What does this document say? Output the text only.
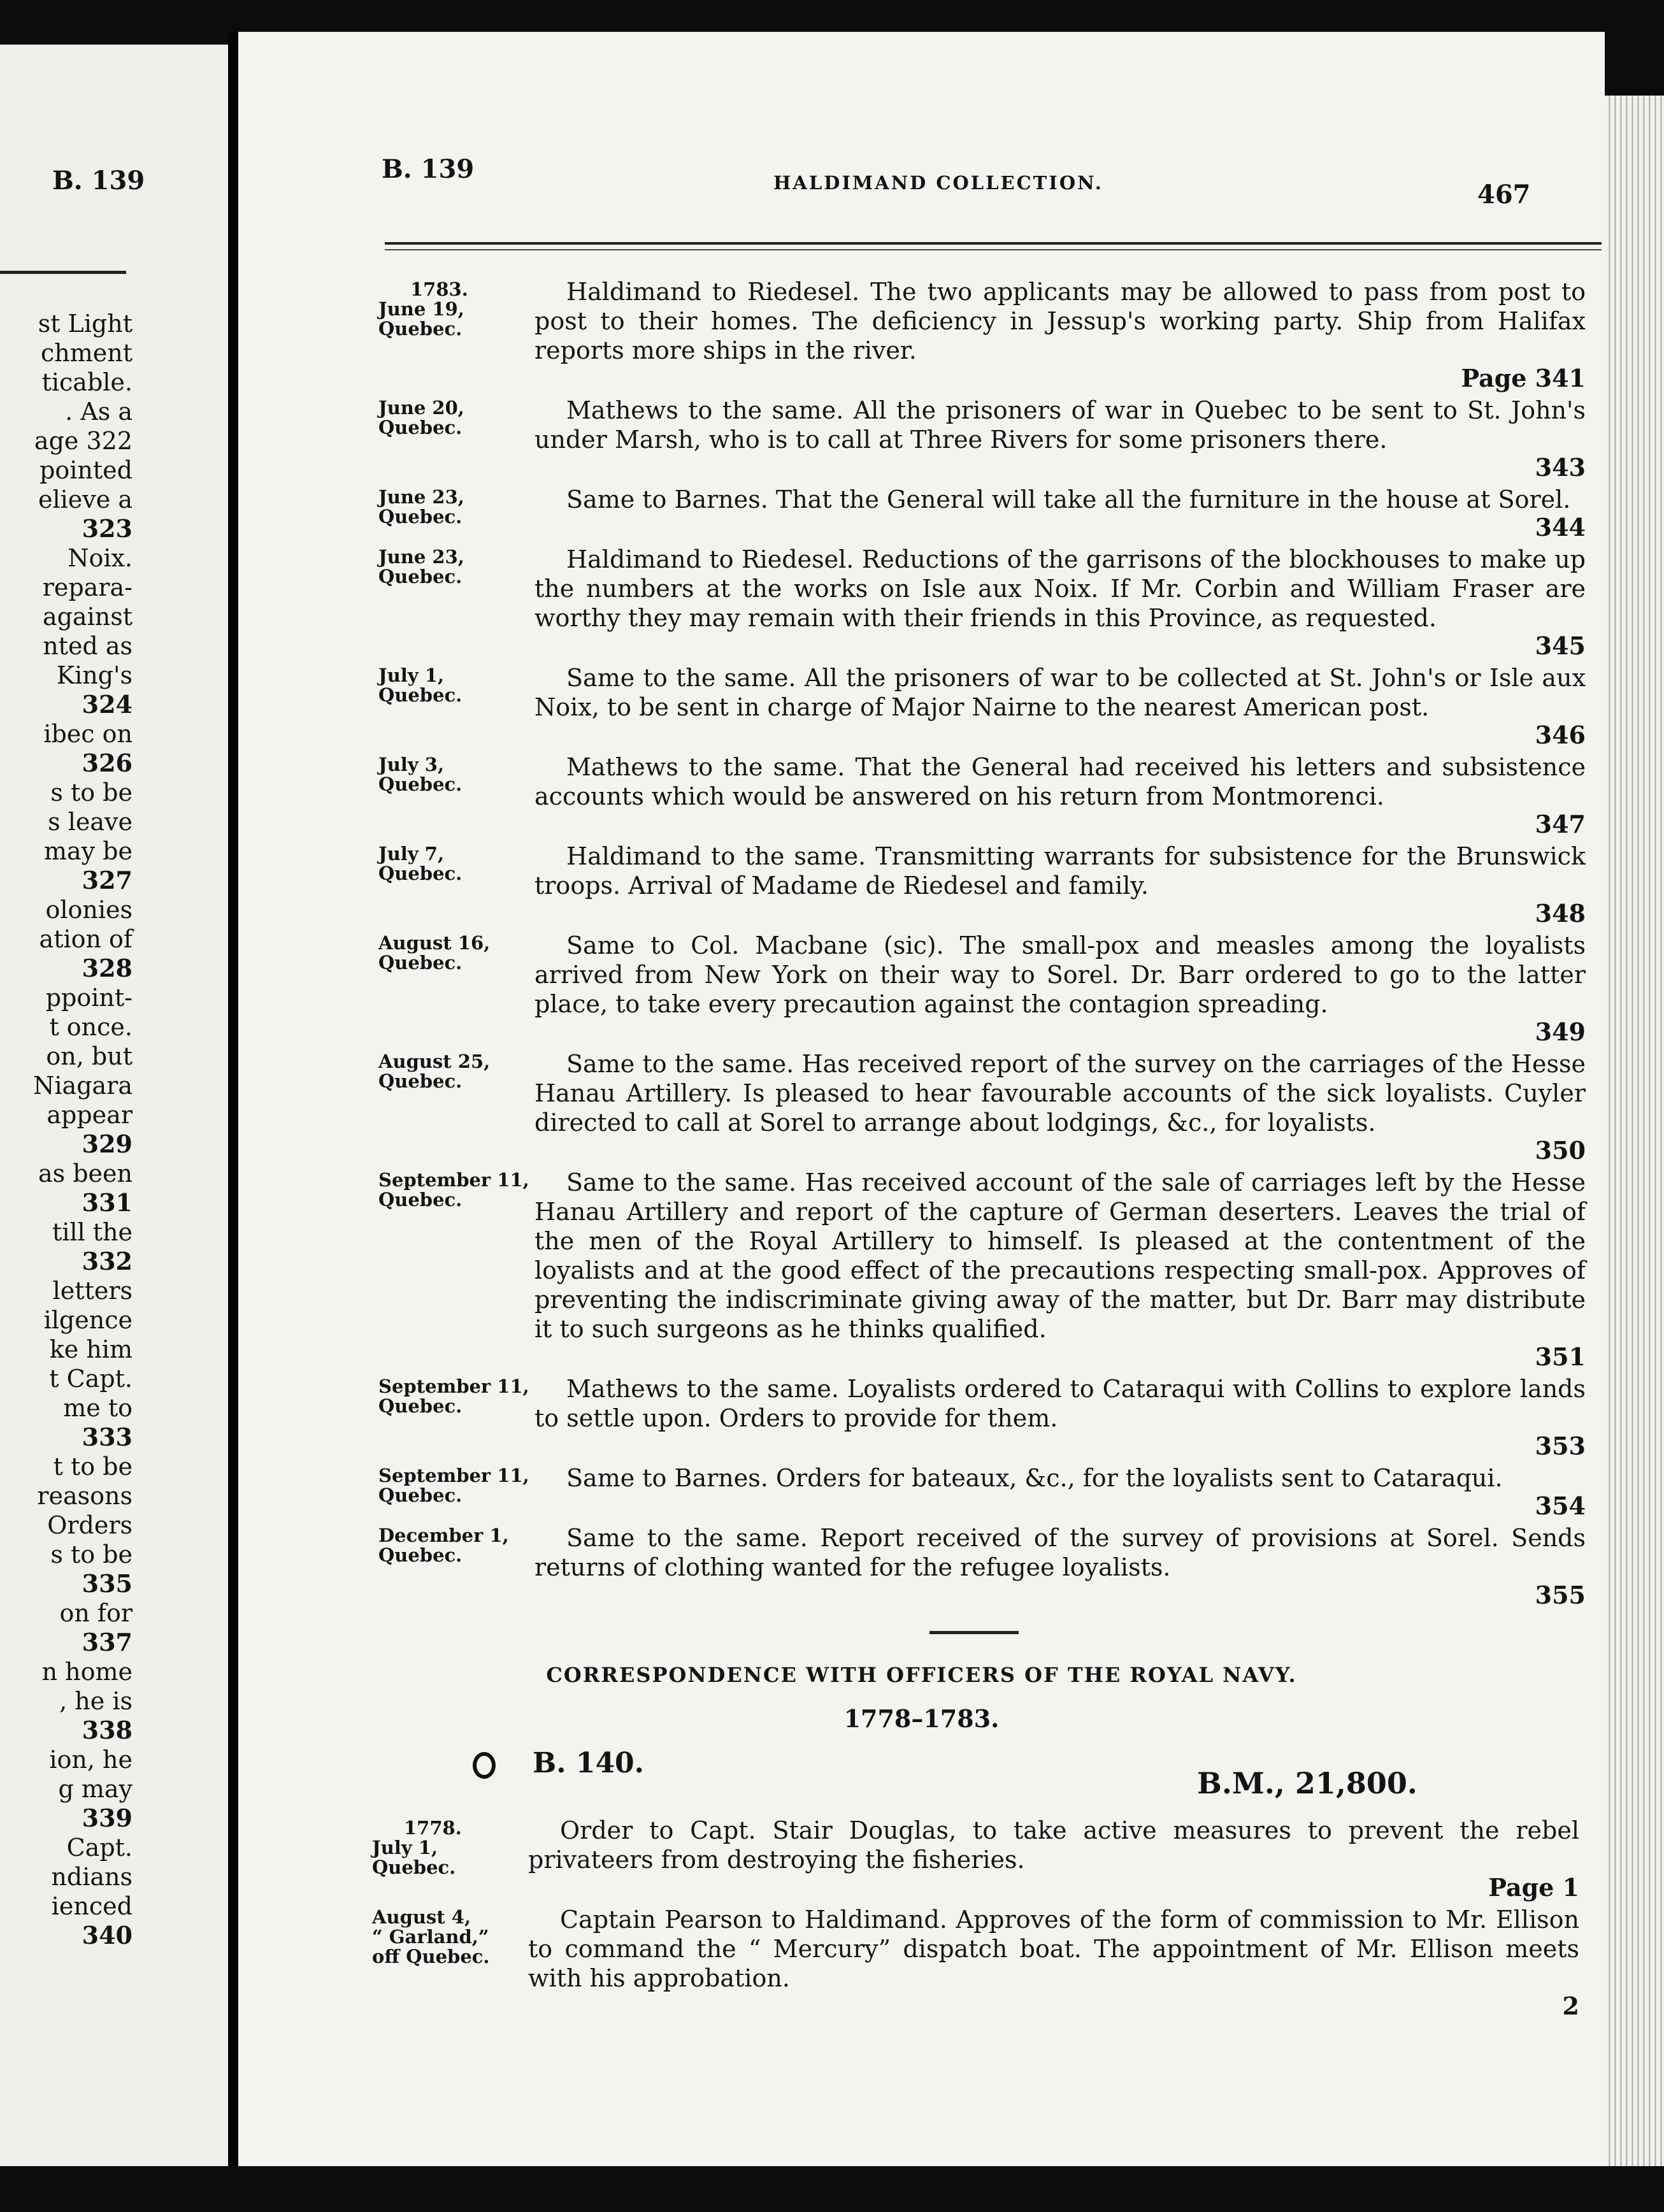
B. 139
st Light
chment
ticable.
. As a
age 322
pointed
elieve a
323
Noix.
repara-
against
nted as
King's
324
ibec on
326
s to be
s leave
may be
327
olonies
ation of
328
ppoint-
t once.
on, but
Niagara
appear
329
as been
331
till the
332
letters
ilgence
ke him
t Capt.
me to
333
t to be
reasons
Orders
s to be
335
on for
337
n home
, he is
338
ion, he
g may
339
Capt.
ndians
ienced
340
B. 139	HALDIMAND COLLECTION.	467
1783.
June 19,
Quebec.
Haldimand to Riedesel. The two applicants may be allowed to pass from post to post to their homes. The deficiency in Jessup's working party. Ship from Halifax reports more ships in the river.
Page 341
June 20,
Quebec.
Mathews to the same. All the prisoners of war in Quebec to be sent to St. John's under Marsh, who is to call at Three Rivers for some prisoners there.
343
June 23,
Quebec.
Same to Barnes. That the General will take all the furniture in the house at Sorel.
344
June 23,
Quebec.
Haldimand to Riedesel. Reductions of the garrisons of the blockhouses to make up the numbers at the works on Isle aux Noix. If Mr. Corbin and William Fraser are worthy they may remain with their friends in this Province, as requested.
345
July 1,
Quebec.
Same to the same. All the prisoners of war to be collected at St. John's or Isle aux Noix, to be sent in charge of Major Nairne to the nearest American post.
346
July 3,
Quebec.
Mathews to the same. That the General had received his letters and subsistence accounts which would be answered on his return from Montmorenci.
347
July 7,
Quebec.
Haldimand to the same. Transmitting warrants for subsistence for the Brunswick troops. Arrival of Madame de Riedesel and family.
348
August 16,
Quebec.
Same to Col. Macbane (sic). The small-pox and measles among the loyalists arrived from New York on their way to Sorel. Dr. Barr ordered to go to the latter place, to take every precaution against the contagion spreading.
349
August 25,
Quebec.
Same to the same. Has received report of the survey on the carriages of the Hesse Hanau Artillery. Is pleased to hear favourable accounts of the sick loyalists. Cuyler directed to call at Sorel to arrange about lodgings, &c., for loyalists.
350
September 11,
Quebec.
Same to the same. Has received account of the sale of carriages left by the Hesse Hanau Artillery and report of the capture of German deserters. Leaves the trial of the men of the Royal Artillery to himself. Is pleased at the contentment of the loyalists and at the good effect of the precautions respecting small-pox. Approves of preventing the indiscriminate giving away of the matter, but Dr. Barr may distribute it to such surgeons as he thinks qualified.
351
September 11,
Quebec.
Mathews to the same. Loyalists ordered to Cataraqui with Collins to explore lands to settle upon. Orders to provide for them.
353
September 11,
Quebec.
Same to Barnes. Orders for bateaux, &c., for the loyalists sent to Cataraqui.
354
December 1,
Quebec.
Same to the same. Report received of the survey of provisions at Sorel. Sends returns of clothing wanted for the refugee loyalists.
355
CORRESPONDENCE WITH OFFICERS OF THE ROYAL NAVY.
1778–1783.
B. 140.
B.M., 21,800.
1778.
July 1,
Quebec.
Order to Capt. Stair Douglas, to take active measures to prevent the rebel privateers from destroying the fisheries.
Page 1
August 4,
“ Garland,”
off Quebec.
Captain Pearson to Haldimand. Approves of the form of commission to Mr. Ellison to command the “ Mercury” dispatch boat. The appointment of Mr. Ellison meets with his approbation.
2
